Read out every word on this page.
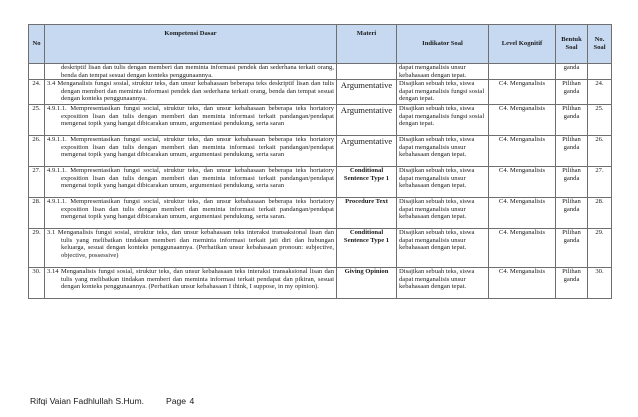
No	Kompetensi Dasar	Materi	Indikator Soal	Level Kognitif	Bentuk Soal	No. Soal

	deskriptif lisan dan tulis dengan memberi dan meminta informasi pendek dan sederhana terkait orang, benda dan tempat sesuai dengan konteks penggunaannya.		dapat menganalisis unsur kebahasaan dengan tepat.		ganda	
24.	3.4 Menganalisis fungsi sosial, struktur teks, dan unsur kebahasaan beberapa teks deskriptif lisan dan tulis dengan memberi dan meminta informasi pendek dan sederhana terkait orang, benda dan tempat sesuai dengan konteks penggunaannya.	Argumentative	Disajikan sebuah teks, siswa dapat menganalisis fungsi sosial dengan tepat.	C4. Menganalisis	Pilihan ganda	24.
25.	4.9.1.1. Mempresentasikan fungsi social, struktur teks, dan unsur kebahasaan beberapa teks hortatory exposition lisan dan tulis dengan memberi dan meminta informasi terkait pandangan/pendapat mengenai topik yang hangat dibicarakan umum, argumentasi pendukung, serta saran	Argumentative	Disajikan sebuah teks, siswa dapat menganalisis fungsi sosial dengan tepat.	C4. Menganalisis	Pilihan ganda	25.
26.	4.9.1.1. Mempresentasikan fungsi social, struktur teks, dan unsur kebahasaan beberapa teks hortatory exposition lisan dan tulis dengan memberi dan meminta informasi terkait pandangan/pendapat mengenai topik yang hangat dibicarakan umum, argumentasi pendukung, serta saran	Argumentative	Disajikan sebuah teks, siswa dapat menganalisis unsur kebahasaan dengan tepat.	C4. Menganalisis	Pilihan ganda	26.
27.	4.9.1.1. Mempresentasikan fungsi social, struktur teks, dan unsur kebahasaan beberapa teks hortatory exposition lisan dan tulis dengan memberi dan meminta informasi terkait pandangan/pendapat mengenai topik yang hangat dibicarakan umum, argumentasi pendukung, serta saran	Conditional Sentence Type 1	Disajikan sebuah teks, siswa dapat menganalisis unsur kebahasaan dengan tepat.	C4. Menganalisis	Pilihan ganda	27.
28.	4.9.1.1. Mempresentasikan fungsi social, struktur teks, dan unsur kebahasaan beberapa teks hortatory exposition lisan dan tulis dengan memberi dan meminta informasi terkait pandangan/pendapat mengenai topik yang hangat dibicarakan umum, argumentasi pendukung, serta saran.	Procedure Text	Disajikan sebuah teks, siswa dapat menganalisis unsur kebahasaan dengan tepat.	C4. Menganalisis	Pilihan ganda	28.
29.	3.1 Menganalisis fungsi sosial, struktur teks, dan unsur kebahasaan teks interaksi transaksional lisan dan tulis yang melibatkan tindakan memberi dan meminta informasi terkait jati diri dan hubungan keluarga, sesuai dengan konteks penggunaannya. (Perhatikan unsur kebahasaan pronoun: subjective, objective, possessive)	Conditional Sentence Type 1	Disajikan sebuah teks, siswa dapat menganalisis unsur kebahasaan dengan tepat.	C4. Menganalisis	Pilihan ganda	29.
30.	3.14 Menganalisis fungsi sosial, struktur teks, dan unsur kebahasaan teks interaksi transaksional lisan dan tulis yang melibatkan tindakan memberi dan meminta informasi terkait pendapat dan pikiran, sesuai dengan konteks penggunaannya. (Perhatikan unsur kebahasaan I think, I suppose, in my opinion).	Giving Opinion	Disajikan sebuah teks, siswa dapat menganalisis unsur kebahasaan dengan tepat.	C4. Menganalisis	Pilihan ganda	30.
Rifqi Vaian Fadhlullah S.Hum.	Page 4
